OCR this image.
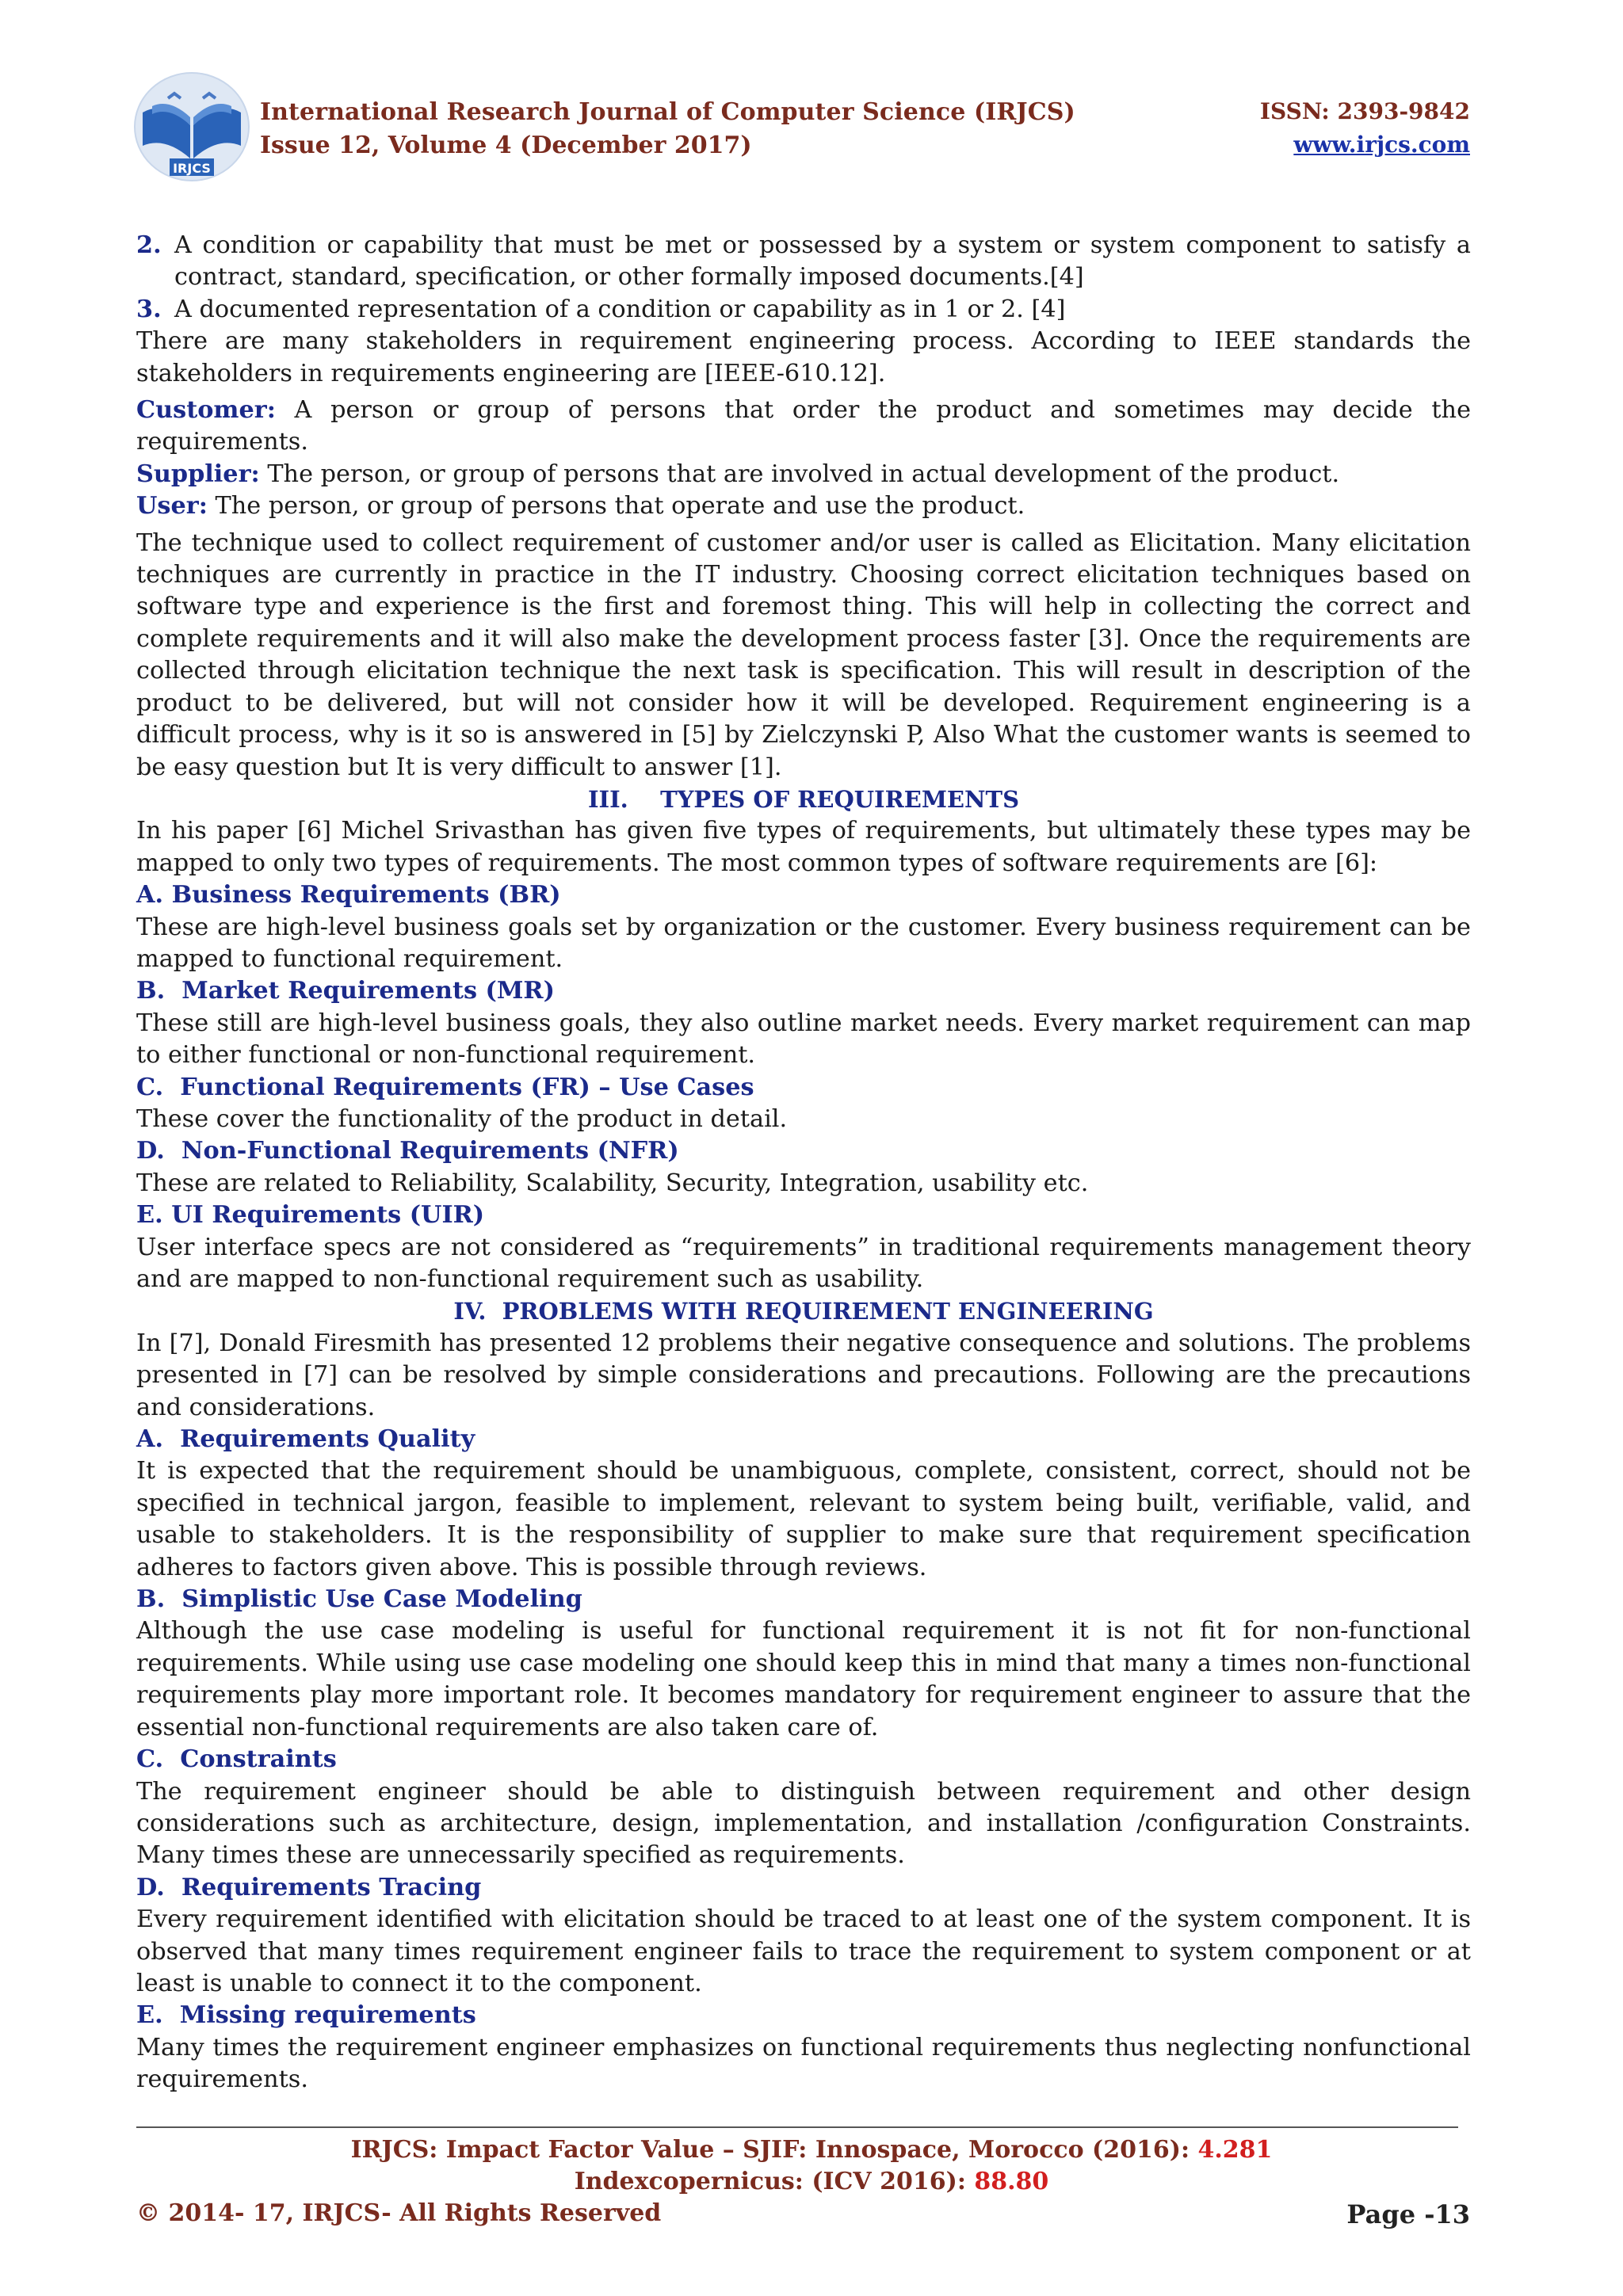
IRJCS
International Research Journal of Computer Science (IRJCS)
Issue 12, Volume 4 (December 2017)
ISSN: 2393-9842
www.irjcs.com
2. A condition or capability that must be met or possessed by a system or system component to satisfy a contract, standard, specification, or other formally imposed documents.[4]
3. A documented representation of a condition or capability as in 1 or 2. [4]

There are many stakeholders in requirement engineering process. According to IEEE standards the stakeholders in requirements engineering are [IEEE-610.12].

Customer: A person or group of persons that order the product and sometimes may decide the requirements.

Supplier: The person, or group of persons that are involved in actual development of the product.

User: The person, or group of persons that operate and use the product.

The technique used to collect requirement of customer and/or user is called as Elicitation. Many elicitation techniques are currently in practice in the IT industry. Choosing correct elicitation techniques based on software type and experience is the first and foremost thing. This will help in collecting the correct and complete requirements and it will also make the development process faster [3]. Once the requirements are collected through elicitation technique the next task is specification. This will result in description of the product to be delivered, but will not consider how it will be developed. Requirement engineering is a difficult process, why is it so is answered in [5] by Zielczynski P, Also What the customer wants is seemed to be easy question but It is very difficult to answer [1].

III.    TYPES OF REQUIREMENTS

In his paper [6] Michel Srivasthan has given five types of requirements, but ultimately these types may be mapped to only two types of requirements. The most common types of software requirements are [6]:

A. Business Requirements (BR)

These are high-level business goals set by organization or the customer. Every business requirement can be mapped to functional requirement.

B.  Market Requirements (MR)

These still are high-level business goals, they also outline market needs. Every market requirement can map to either functional or non-functional requirement.

C.  Functional Requirements (FR) – Use Cases

These cover the functionality of the product in detail.

D.  Non-Functional Requirements (NFR)

These are related to Reliability, Scalability, Security, Integration, usability etc.

E. UI Requirements (UIR)

User interface specs are not considered as “requirements” in traditional requirements management theory and are mapped to non-functional requirement such as usability.

IV.  PROBLEMS WITH REQUIREMENT ENGINEERING

In [7], Donald Firesmith has presented 12 problems their negative consequence and solutions. The problems presented in [7] can be resolved by simple considerations and precautions. Following are the precautions and considerations.

A.  Requirements Quality

It is expected that the requirement should be unambiguous, complete, consistent, correct, should not be specified in technical jargon, feasible to implement, relevant to system being built, verifiable, valid, and usable to stakeholders. It is the responsibility of supplier to make sure that requirement specification adheres to factors given above. This is possible through reviews.

B.  Simplistic Use Case Modeling

Although the use case modeling is useful for functional requirement it is not fit for non-functional requirements. While using use case modeling one should keep this in mind that many a times non-functional requirements play more important role. It becomes mandatory for requirement engineer to assure that the essential non-functional requirements are also taken care of.

C.  Constraints

The requirement engineer should be able to distinguish between requirement and other design considerations such as architecture, design, implementation, and installation /configuration Constraints. Many times these are unnecessarily specified as requirements.

D.  Requirements Tracing

Every requirement identified with elicitation should be traced to at least one of the system component. It is observed that many times requirement engineer fails to trace the requirement to system component or at least is unable to connect it to the component.

E.  Missing requirements

Many times the requirement engineer emphasizes on functional requirements thus neglecting nonfunctional requirements.

IRJCS: Impact Factor Value – SJIF: Innospace, Morocco (2016): 4.281
Indexcopernicus: (ICV 2016): 88.80
© 2014- 17, IRJCS- All Rights Reserved	Page -13
